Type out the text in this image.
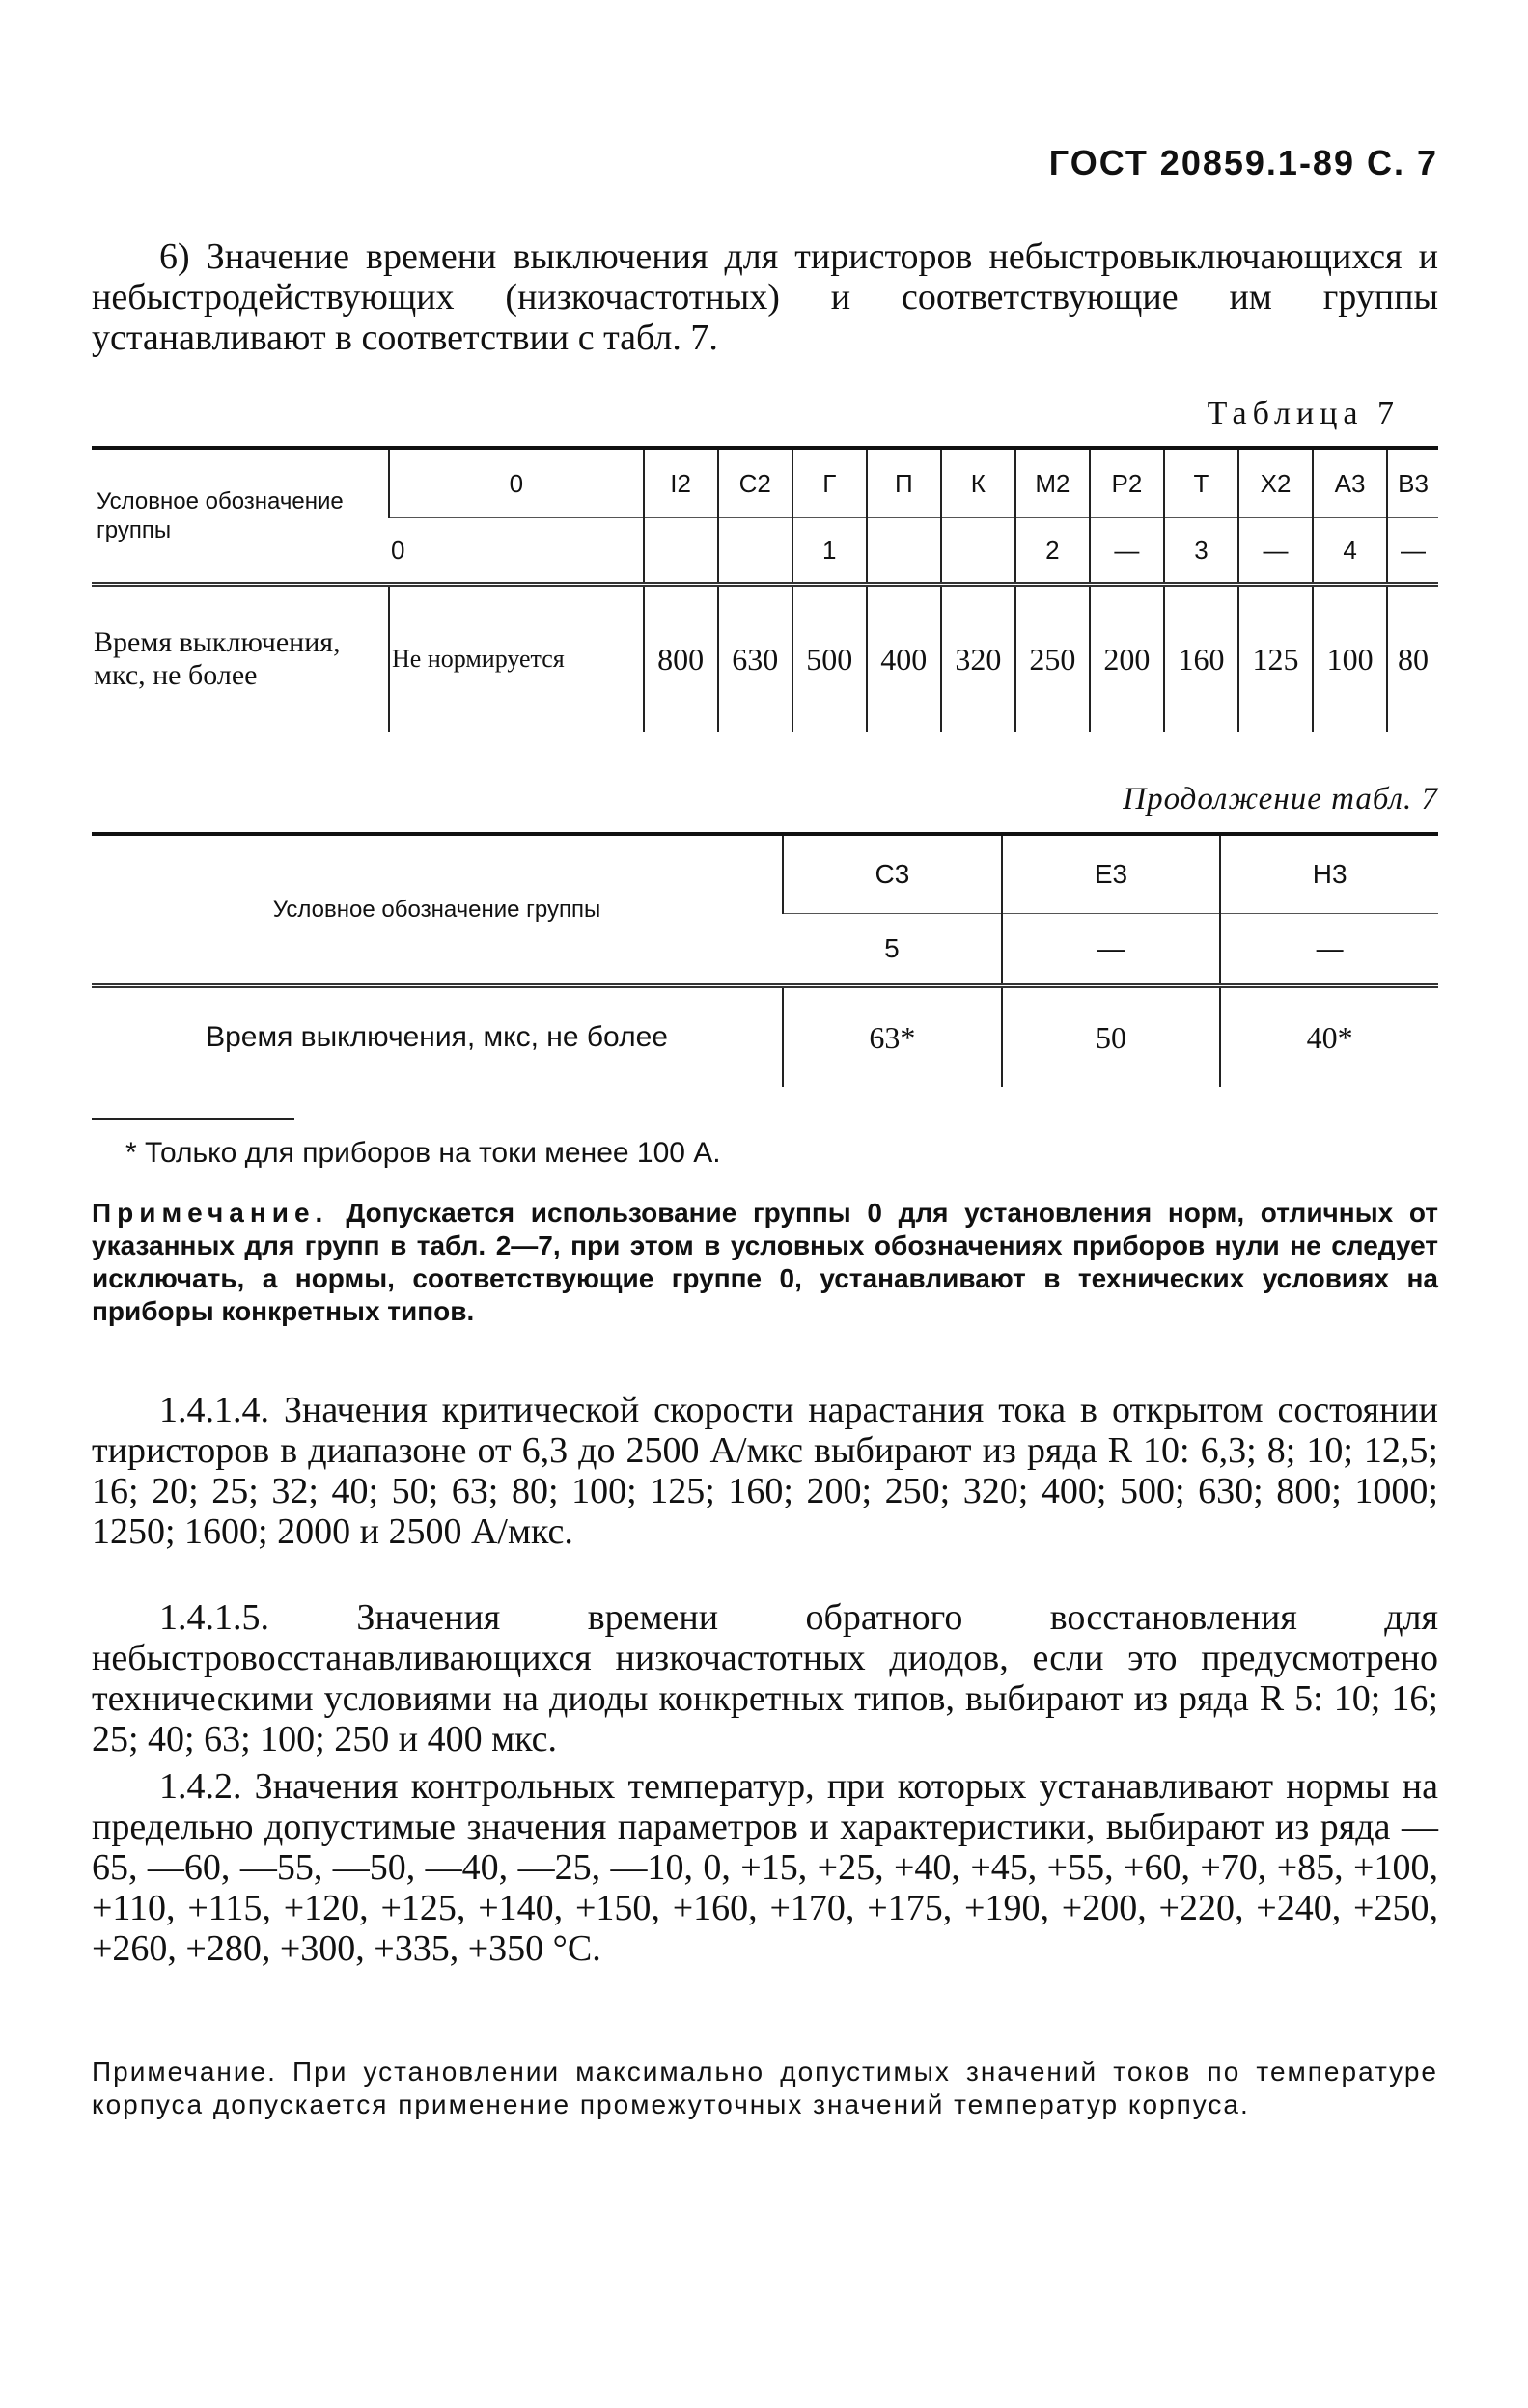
ГОСТ 20859.1-89 С. 7
6) Значение времени выключения для тиристоров небыстровыключающихся и небыстродействующих (низкочастотных) и соответствующие им группы устанавливают в соответствии с табл. 7.
Таблица 7
Условное обозначение группы	0	I2	С2	Г	П	К	М2	Р2	Т	Х2	А3	В3
	0			1			2	—	3	—	4	—
Время выключения, мкс, не более	Не нормируется	800	630	500	400	320	250	200	160	125	100	80
Продолжение табл. 7
Условное обозначение группы	С3	Е3	Н3
	5	—	—
Время выключения, мкс, не более	63*	50	40*
* Только для приборов на токи менее 100 А.
Примечание. Допускается использование группы 0 для установления норм, отличных от указанных для групп в табл. 2—7, при этом в условных обозначениях приборов нули не следует исключать, а нормы, соответствующие группе 0, устанавливают в технических условиях на приборы конкретных типов.
1.4.1.4. Значения критической скорости нарастания тока в открытом состоянии тиристоров в диапазоне от 6,3 до 2500 А/мкс выбирают из ряда R 10: 6,3; 8; 10; 12,5; 16; 20; 25; 32; 40; 50; 63; 80; 100; 125; 160; 200; 250; 320; 400; 500; 630; 800; 1000; 1250; 1600; 2000 и 2500 А/мкс.
1.4.1.5. Значения времени обратного восстановления для небыстровосстанавливающихся низкочастотных диодов, если это предусмотрено техническими условиями на диоды конкретных типов, выбирают из ряда R 5: 10; 16; 25; 40; 63; 100; 250 и 400 мкс.
1.4.2. Значения контрольных температур, при которых устанавливают нормы на предельно допустимые значения параметров и характеристики, выбирают из ряда —65, —60, —55, —50, —40, —25, —10, 0, +15, +25, +40, +45, +55, +60, +70, +85, +100, +110, +115, +120, +125, +140, +150, +160, +170, +175, +190, +200, +220, +240, +250, +260, +280, +300, +335, +350 °С.
Примечание. При установлении максимально допустимых значений токов по температуре корпуса допускается применение промежуточных значений температур корпуса.
